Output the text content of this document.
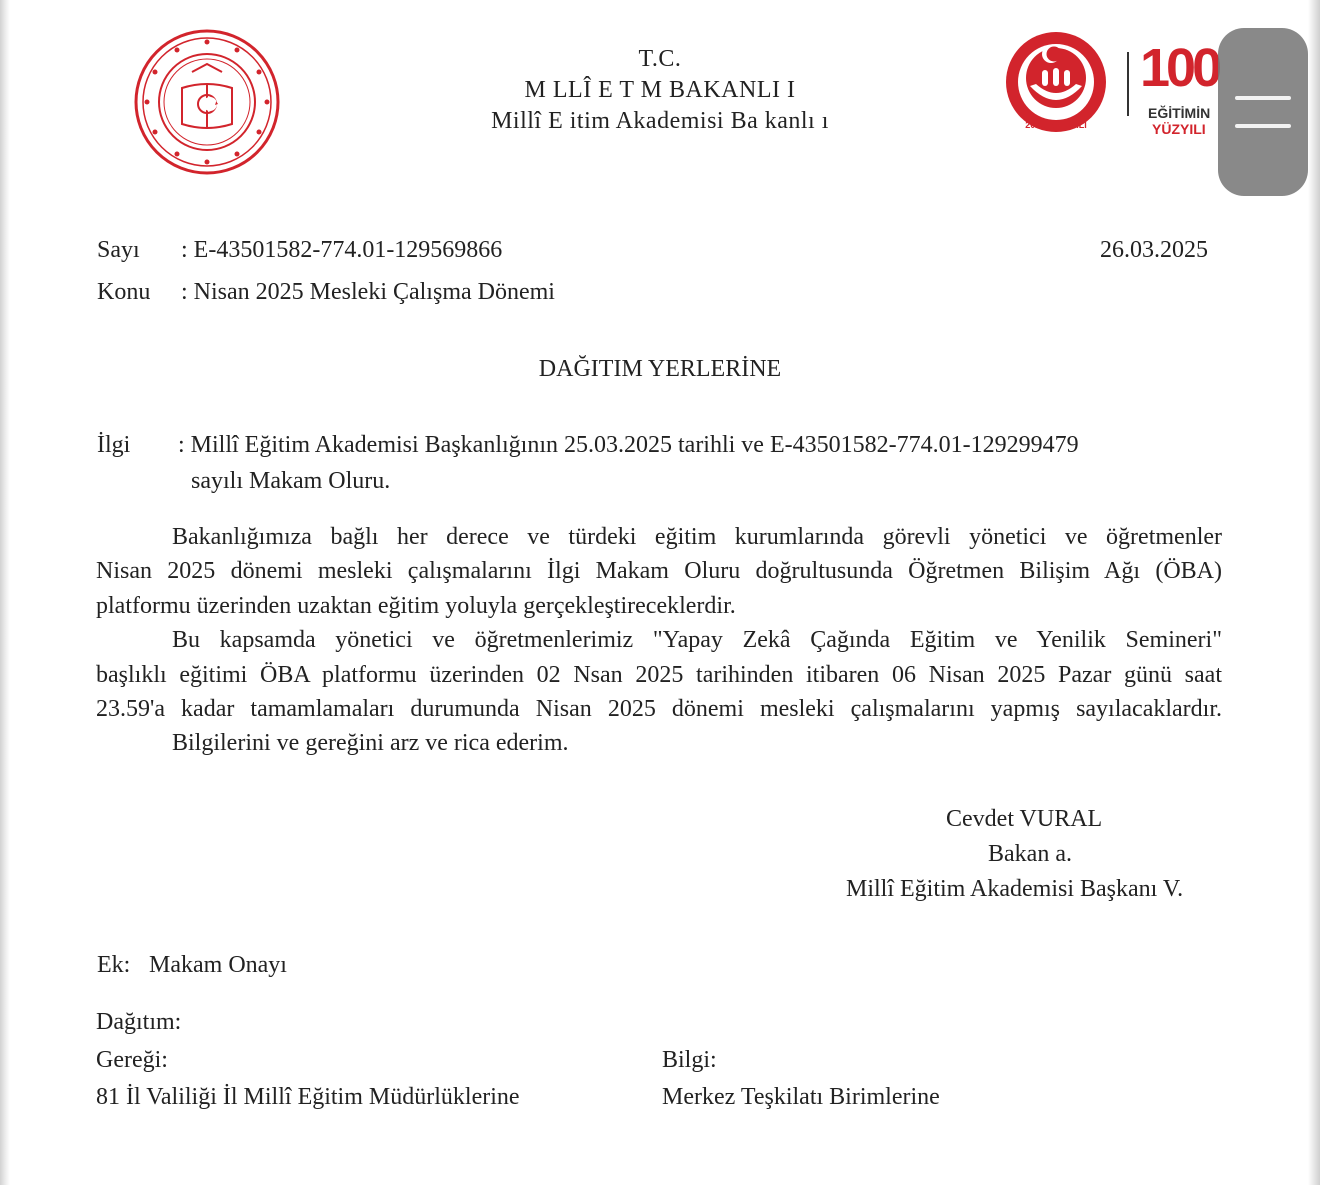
T.C.
M LLÎ E T M BAKANLI I
Millî E itim Akademisi Ba kanlı ı	2025 AİLE YILI
100
EĞİTİMİN
YÜZYILI
Sayı : E-43501582-774.01-129569866	26.03.2025
Konu : Nisan 2025 Mesleki Çalışma Dönemi
DAĞITIM YERLERİNE
İlgi : Millî Eğitim Akademisi Başkanlığının 25.03.2025 tarihli ve E-43501582-774.01-129299479
sayılı Makam Oluru.
Bakanlığımıza bağlı her derece ve türdeki eğitim kurumlarında görevli yönetici ve öğretmenler
Nisan 2025 dönemi mesleki çalışmalarını İlgi Makam Oluru doğrultusunda Öğretmen Bilişim Ağı (ÖBA)
platformu üzerinden uzaktan eğitim yoluyla gerçekleştireceklerdir.
Bu kapsamda yönetici ve öğretmenlerimiz "Yapay Zekâ Çağında Eğitim ve Yenilik Semineri"
başlıklı eğitimi ÖBA platformu üzerinden 02 Nsan 2025 tarihinden itibaren 06 Nisan 2025 Pazar günü saat
23.59'a kadar tamamlamaları durumunda Nisan 2025 dönemi mesleki çalışmalarını yapmış sayılacaklardır.
Bilgilerini ve gereğini arz ve rica ederim.
Cevdet VURAL
Bakan a.
Millî Eğitim Akademisi Başkanı V.
Ek: Makam Onayı
Dağıtım:
Gereği:
81 İl Valiliği İl Millî Eğitim Müdürlüklerine
Bilgi:
Merkez Teşkilatı Birimlerine
